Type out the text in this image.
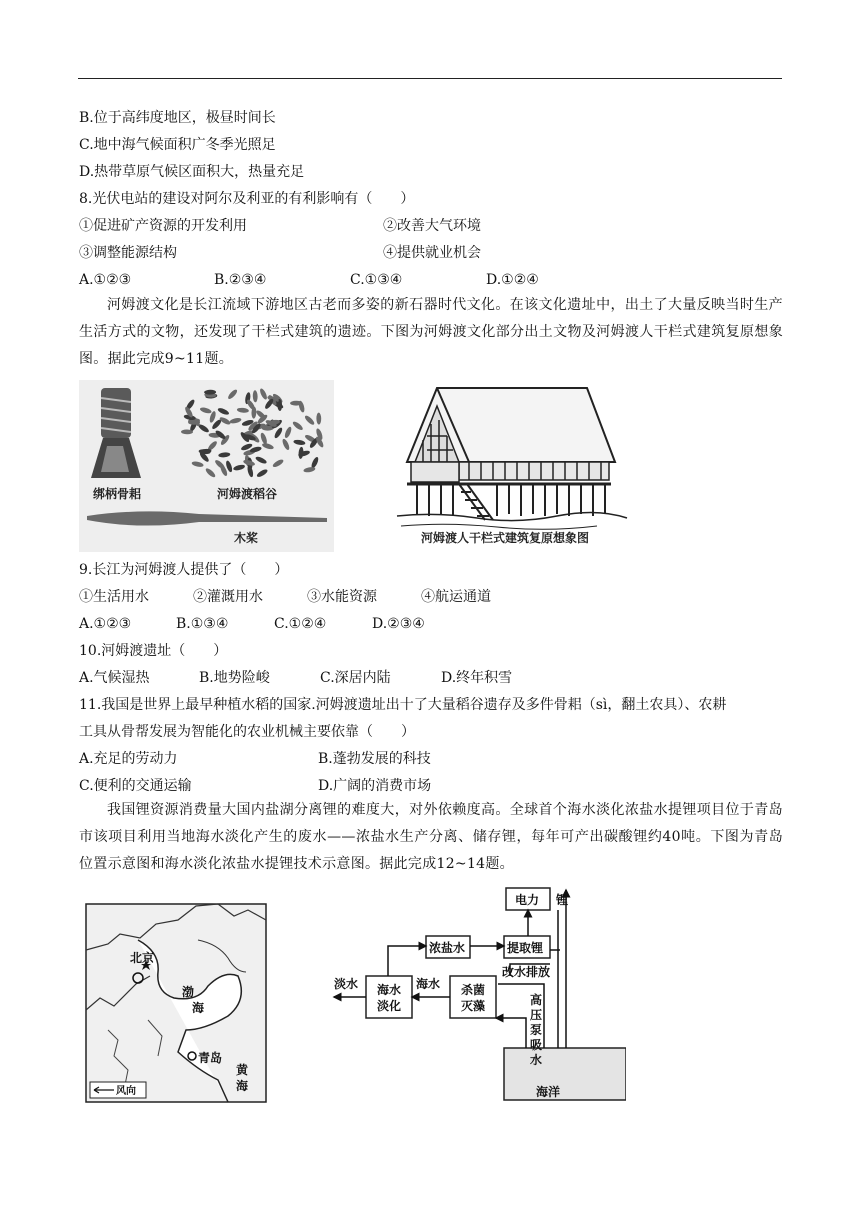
B.位于高纬度地区，极昼时间长
C.地中海气候面积广冬季光照足
D.热带草原气候区面积大，热量充足
8.光伏电站的建设对阿尔及利亚的有利影响有（　　）
①促进矿产资源的开发利用	②改善大气环境
③调整能源结构	④提供就业机会
A.①②③	B.②③④	C.①③④	D.①②④
河姆渡文化是长江流域下游地区古老而多姿的新石器时代文化。在该文化遗址中，出土了大量反映当时生产生活方式的文物，还发现了干栏式建筑的遗迹。下图为河姆渡文化部分出土文物及河姆渡人干栏式建筑复原想象图。据此完成9~11题。
绑柄骨耜	河姆渡稻谷
木桨	河姆渡人干栏式建筑复原想象图
9.长江为河姆渡人提供了（　　）
①生活用水	②灌溉用水	③水能资源	④航运通道
A.①②③	B.①③④	C.①②④	D.②③④
10.河姆渡遗址（　　）
A.气候湿热	B.地势险峻	C.深居内陆	D.终年积雪
11.我国是世界上最早种植水稻的国家.河姆渡遗址出十了大量稻谷遗存及多件骨耜（sì，翻土农具）、农耕
工具从骨帮发展为智能化的农业机械主要依靠（　　）
A.充足的劳动力	B.蓬勃发展的科技
C.便利的交通运输	D.广阔的消费市场
我国锂资源消费量大国内盐湖分离锂的难度大，对外依赖度高。全球首个海水淡化浓盐水提锂项目位于青岛市该项目利用当地海水淡化产生的废水——浓盐水生产分离、储存锂，每年可产出碳酸锂约40吨。下图为青岛位置示意图和海水淡化浓盐水提锂技术示意图。据此完成12~14题。
北京
渤
海
青岛
黄
海
风向	海洋
电力 锂
浓盐水	提取锂
海水
淡化
杀菌
灭藻
淡水	海水
改水排放
高
压
泵
吸
水
